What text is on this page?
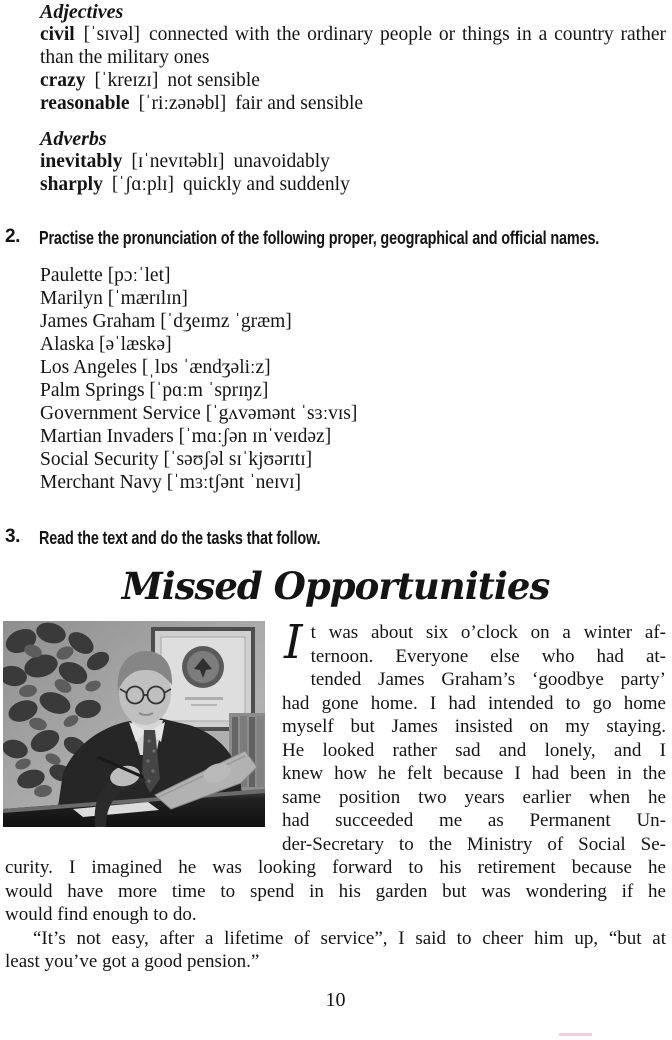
Adjectives

civil [ˈsɪvəl] connected with the ordinary people or things in a country rather than the military ones

crazy [ˈkreɪzɪ] not sensible

reasonable [ˈriːzənəbl] fair and sensible

Adverbs

inevitably [ɪˈnevɪtəblɪ] unavoidably

sharply [ˈʃɑːplɪ] quickly and suddenly

2.	Practise the pronunciation of the following proper, geographical and official names.
Paulette [pɔːˈlet]
Marilyn [ˈmærɪlɪn]
James Graham [ˈdʒeɪmz ˈgræm]
Alaska [əˈlæskə]
Los Angeles [ˌlɒs ˈændʒəliːz]
Palm Springs [ˈpɑːm ˈsprɪŋz]
Government Service [ˈgʌvəmənt ˈsɜːvɪs]
Martian Invaders [ˈmɑːʃən ɪnˈveɪdəz]
Social Security [ˈsəʊʃəl sɪˈkjʊərɪtɪ]
Merchant Navy [ˈmɜːtʃənt ˈneɪvɪ]
3.	Read the text and do the tasks that follow.
Missed Opportunities
It was about six o’clock on a winter af-
ternoon. Everyone else who had at-
tended James Graham’s ‘goodbye party’
had gone home. I had intended to go home
myself but James insisted on my staying.
He looked rather sad and lonely, and I
knew how he felt because I had been in the
same position two years earlier when he
had succeeded me as Permanent Un-
der-Secretary to the Ministry of Social Se-
curity. I imagined he was looking forward to his retirement because he
would have more time to spend in his garden but was wondering if he
would find enough to do.
“It’s not easy, after a lifetime of service”, I said to cheer him up, “but at
least you’ve got a good pension.”
10
